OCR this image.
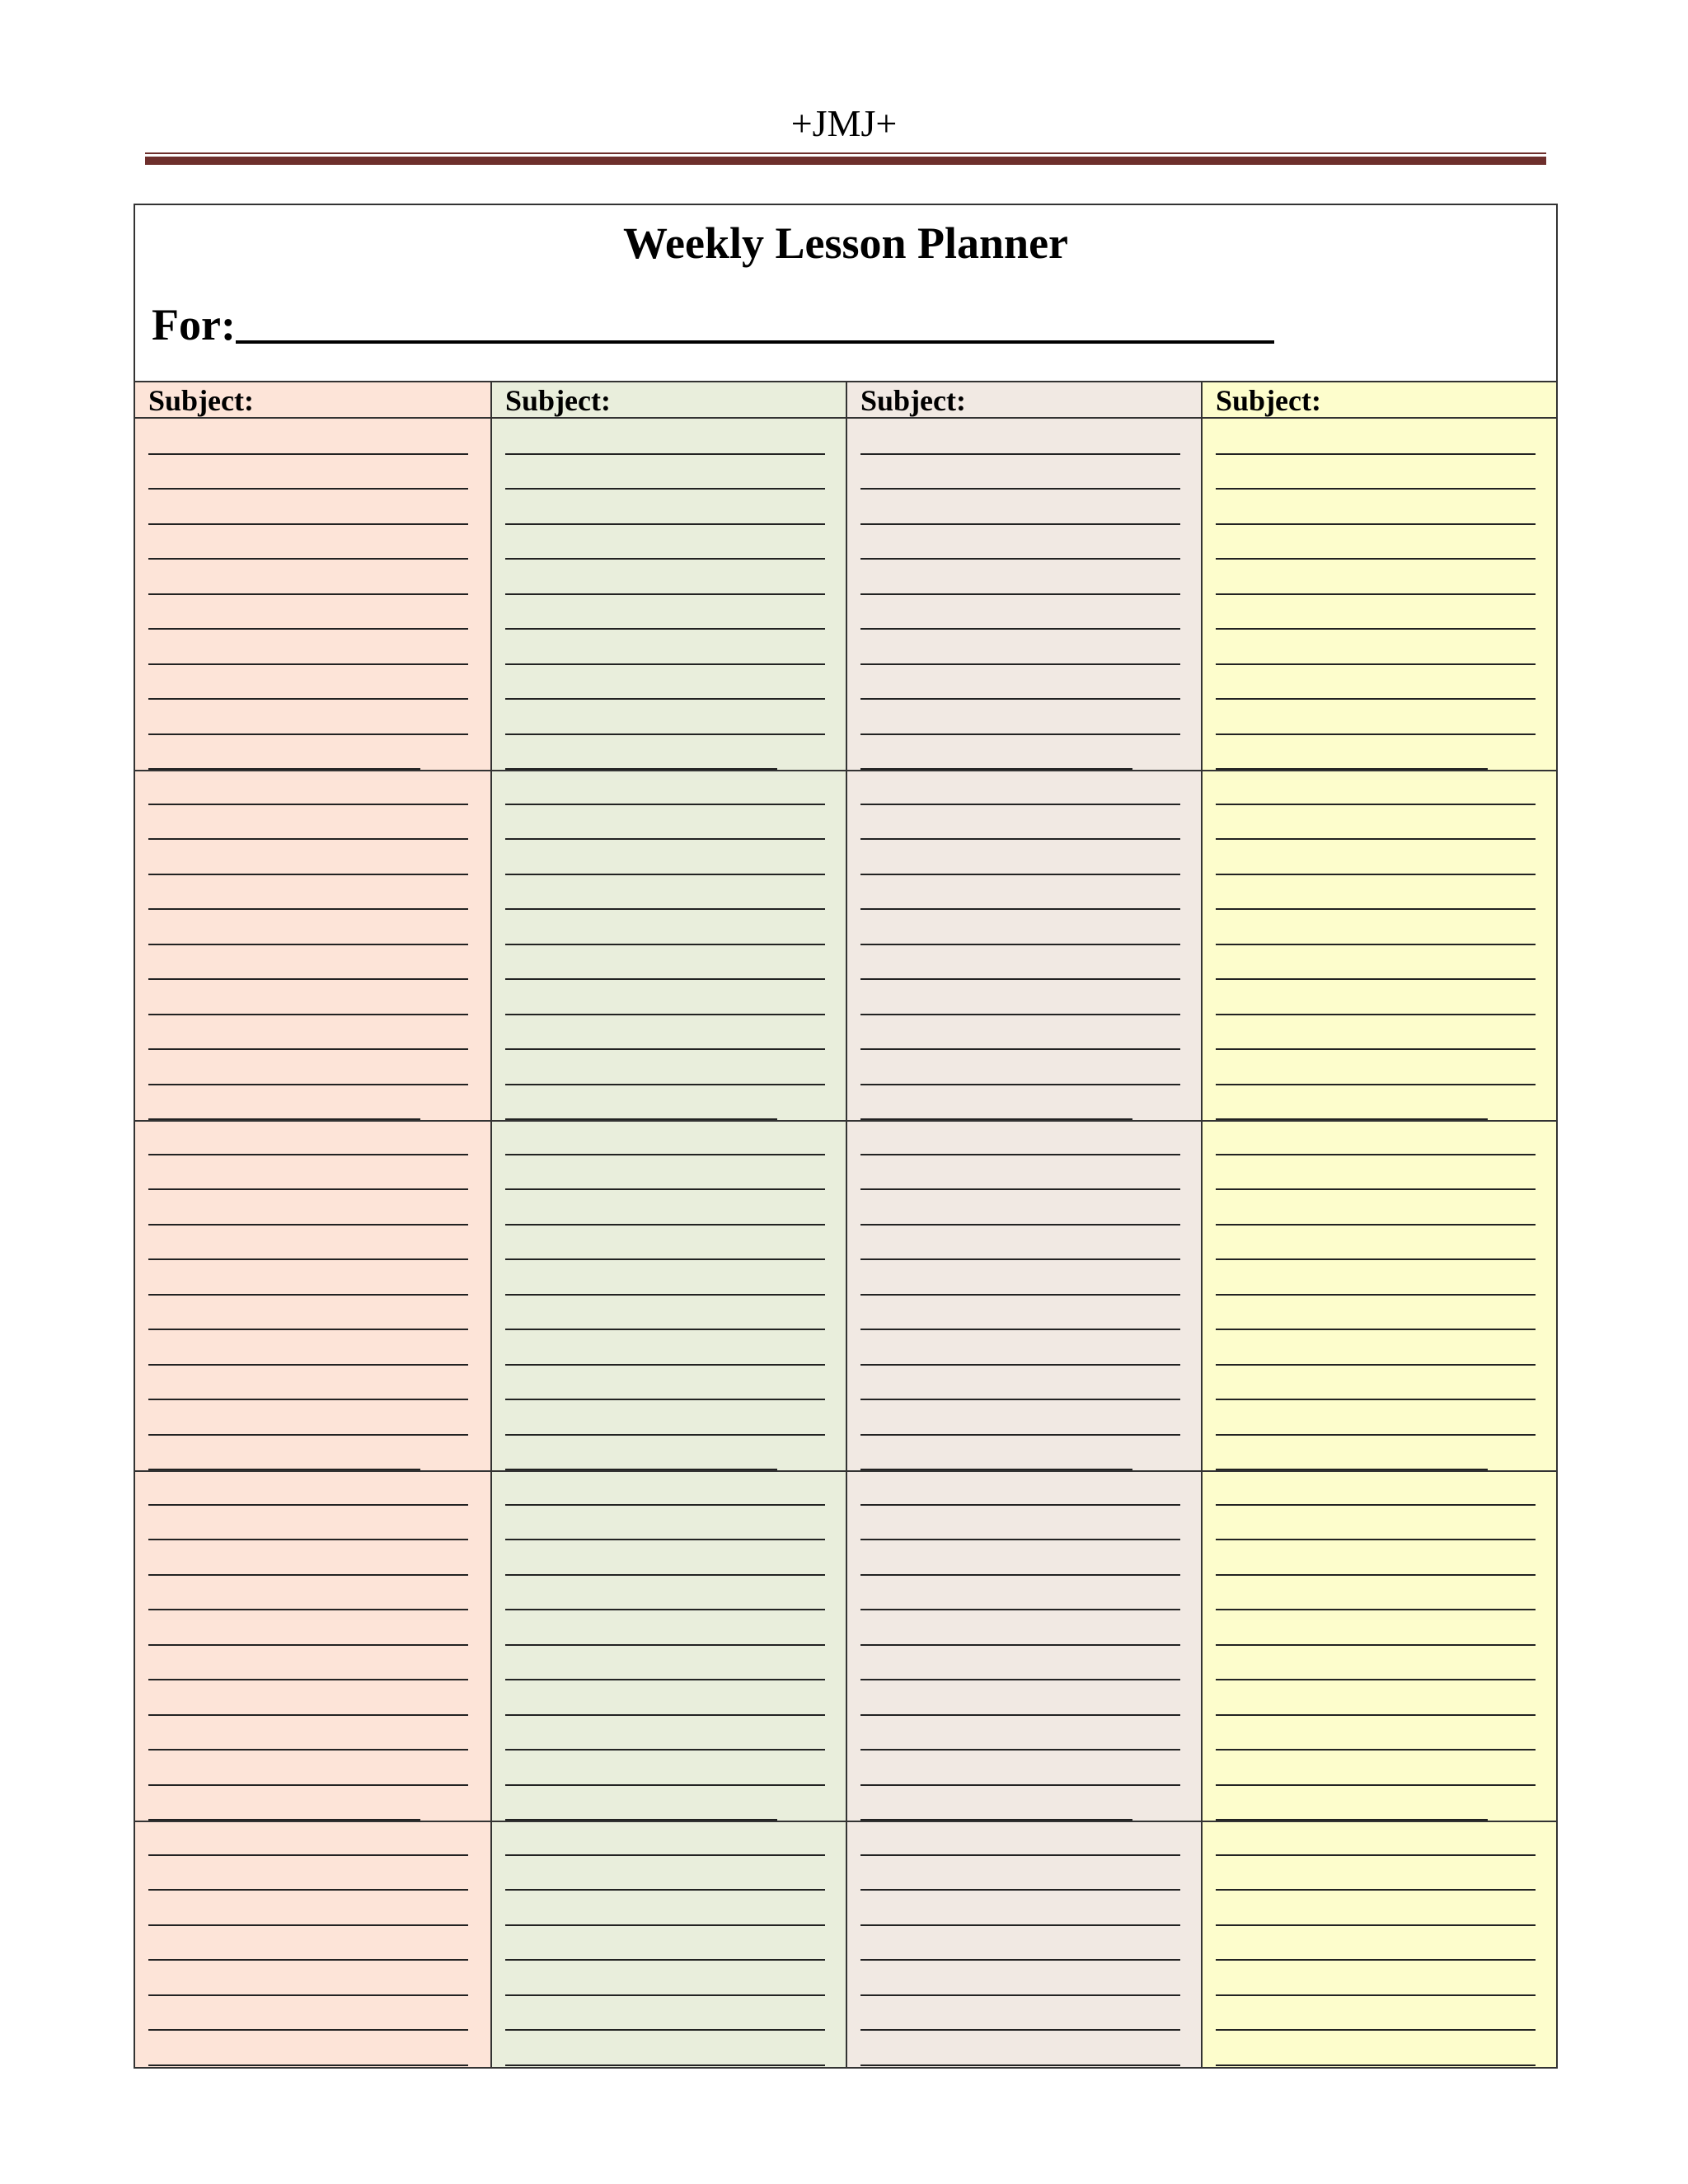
+JMJ+
Weekly Lesson Planner
For:
Subject:	Subject:	Subject:	Subject:
